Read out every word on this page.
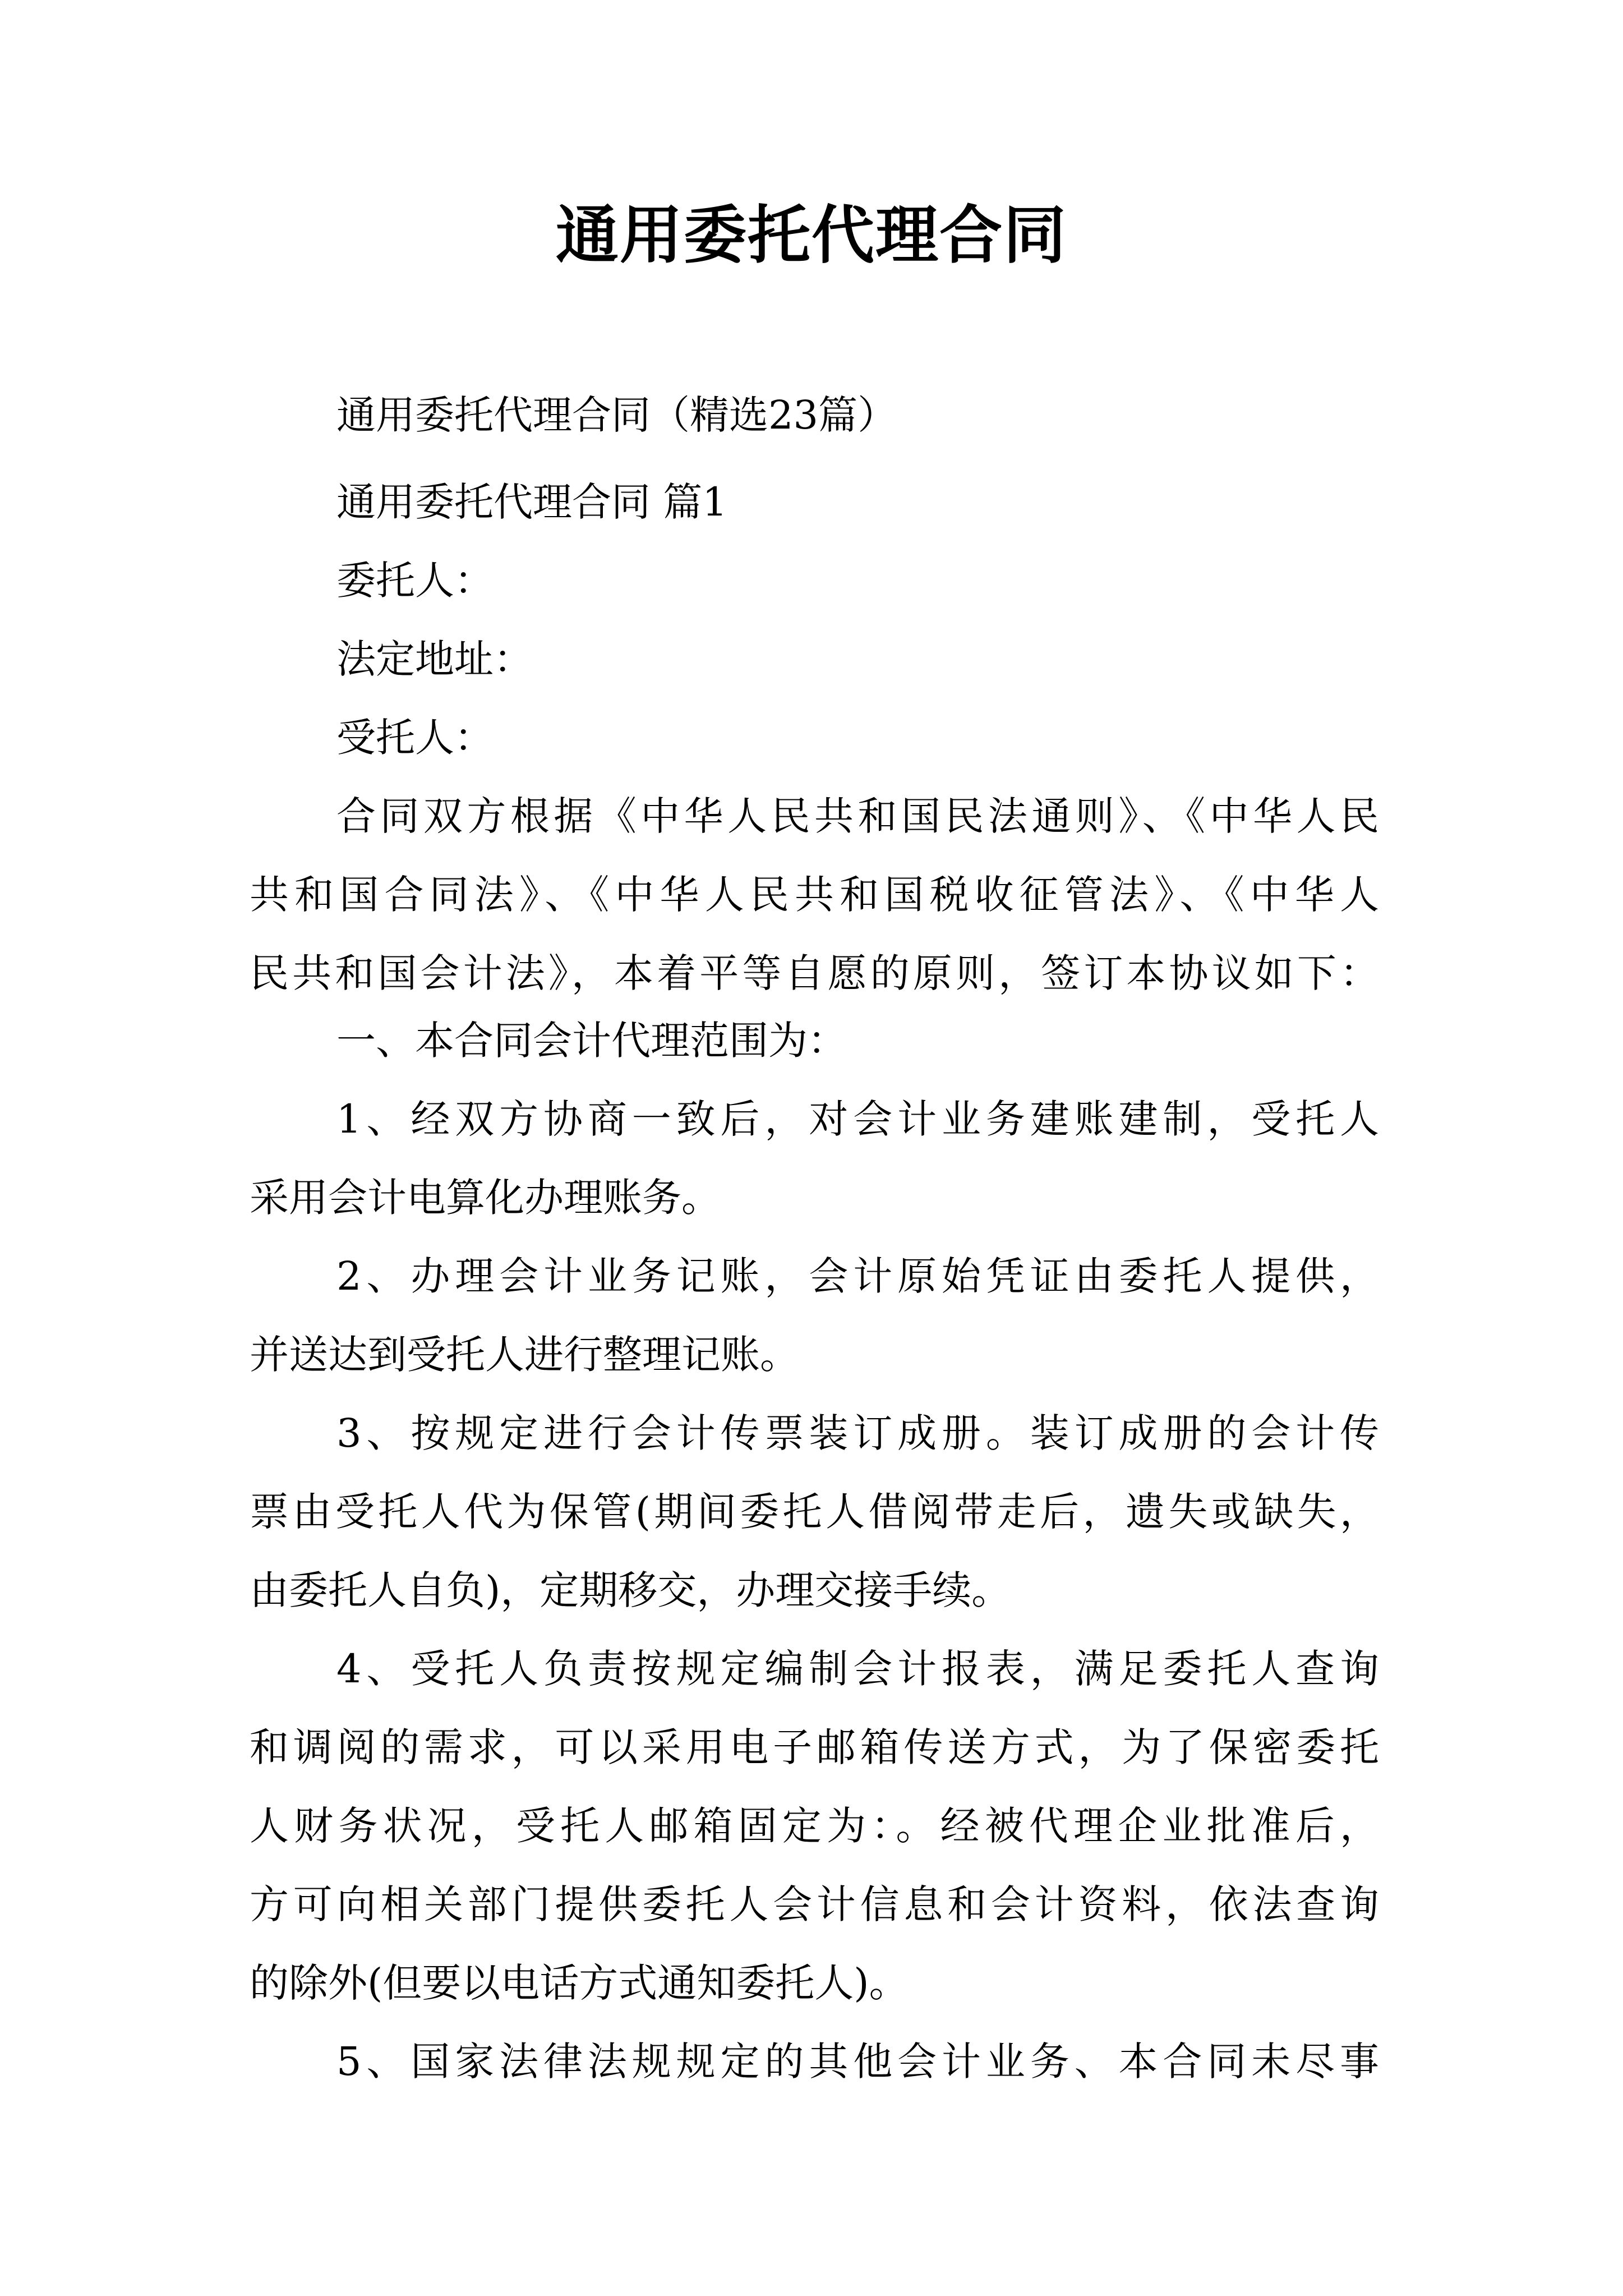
通用委托代理合同

通用委托代理合同（精选23篇）

通用委托代理合同 篇1

委托人：

法定地址：

受托人：

合同双方根据《中华人民共和国民法通则》、《中华人民

共和国合同法》、《中华人民共和国税收征管法》、《中华人

民共和国会计法》，本着平等自愿的原则，签订本协议如下：

一、本合同会计代理范围为：

1、经双方协商一致后，对会计业务建账建制，受托人

采用会计电算化办理账务。

2、办理会计业务记账，会计原始凭证由委托人提供，

并送达到受托人进行整理记账。

3、按规定进行会计传票装订成册。装订成册的会计传

票由受托人代为保管(期间委托人借阅带走后，遗失或缺失，

由委托人自负)，定期移交，办理交接手续。

4、受托人负责按规定编制会计报表，满足委托人查询

和调阅的需求，可以采用电子邮箱传送方式，为了保密委托

人财务状况，受托人邮箱固定为：。经被代理企业批准后，

方可向相关部门提供委托人会计信息和会计资料，依法查询

的除外(但要以电话方式通知委托人)。

5、国家法律法规规定的其他会计业务、本合同未尽事
